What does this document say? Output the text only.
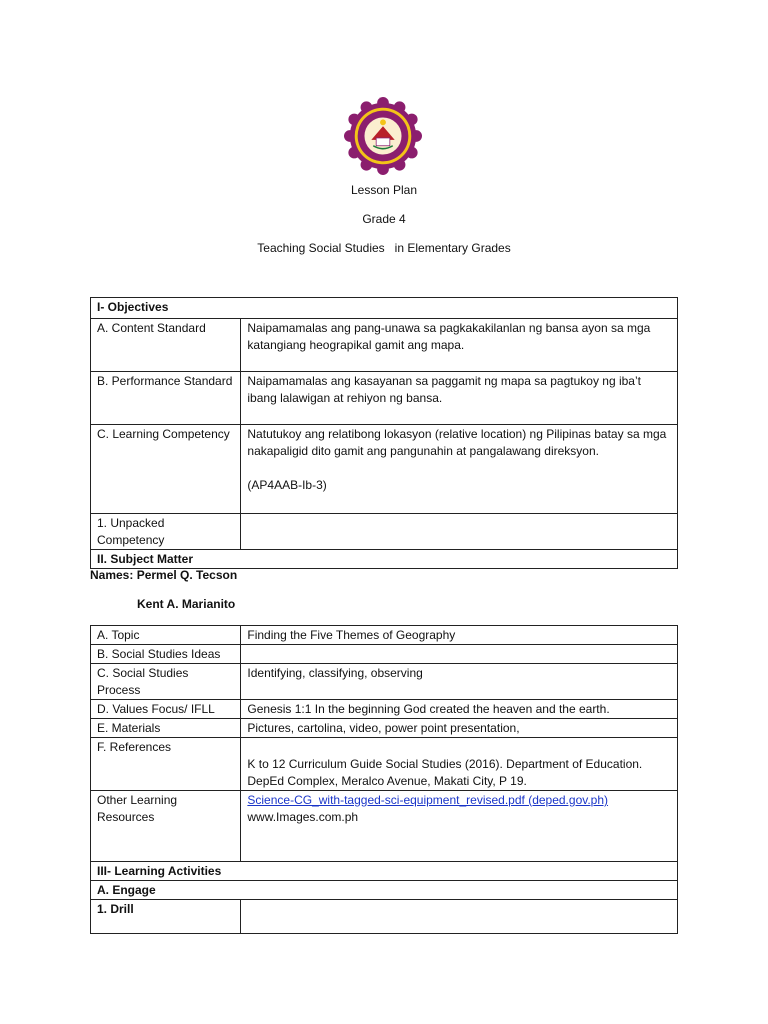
Lesson Plan
Grade 4
Teaching Social Studies   in Elementary Grades
I- Objectives	
A. Content Standard	Naipamamalas ang pang-unawa sa pagkakakilanlan ng bansa ayon sa mga katangiang heograpikal gamit ang mapa.
B. Performance Standard	Naipamamalas ang kasayanan sa paggamit ng mapa sa pagtukoy ng iba’t ibang lalawigan at rehiyon ng bansa.
C. Learning Competency	Natutukoy ang relatibong lokasyon (relative location) ng Pilipinas batay sa mga nakapaligid dito gamit ang pangunahin at pangalawang direksyon.
(AP4AAB-Ib-3)

1. Unpacked Competency	
II. Subject Matter	
Names: Permel Q. Tecson
Kent A. Marianito
A. Topic	Finding the Five Themes of Geography
B. Social Studies Ideas	
C. Social Studies Process	Identifying, classifying, observing
D. Values Focus/ IFLL	Genesis 1:1 In the beginning God created the heaven and the earth.
E. Materials	Pictures, cartolina, video, power point presentation,
F. References	K to 12 Curriculum Guide Social Studies (2016). Department of Education. DepEd Complex, Meralco Avenue, Makati City, P 19.

Other Learning Resources	Science-CG_with-tagged-sci-equipment_revised.pdf (deped.gov.ph)
www.Images.com.ph

III- Learning Activities	
A. Engage	
1. Drill	
